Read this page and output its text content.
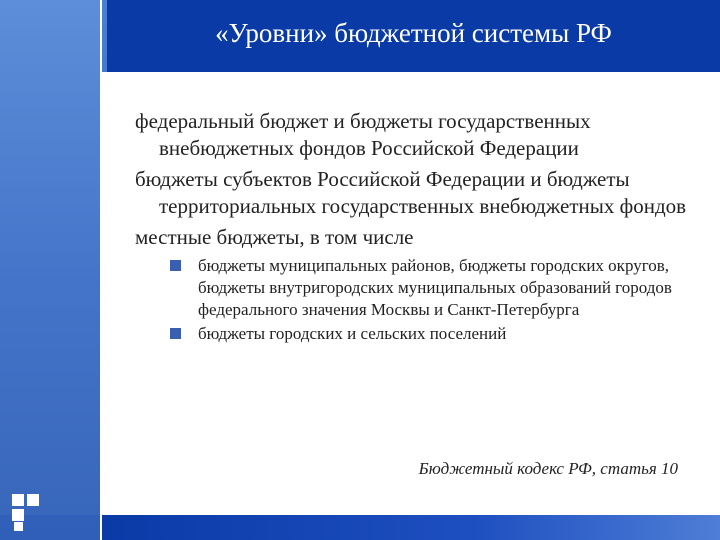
«Уровни» бюджетной системы РФ
федеральный бюджет и бюджеты государственных внебюджетных фондов Российской Федерации
бюджеты субъектов Российской Федерации и бюджеты территориальных государственных внебюджетных фондов
местные бюджеты, в том числе
бюджеты муниципальных районов, бюджеты городских округов, бюджеты внутригородских муниципальных образований городов федерального значения Москвы и Санкт-Петербурга
бюджеты городских и сельских поселений
Бюджетный кодекс РФ, статья 10
